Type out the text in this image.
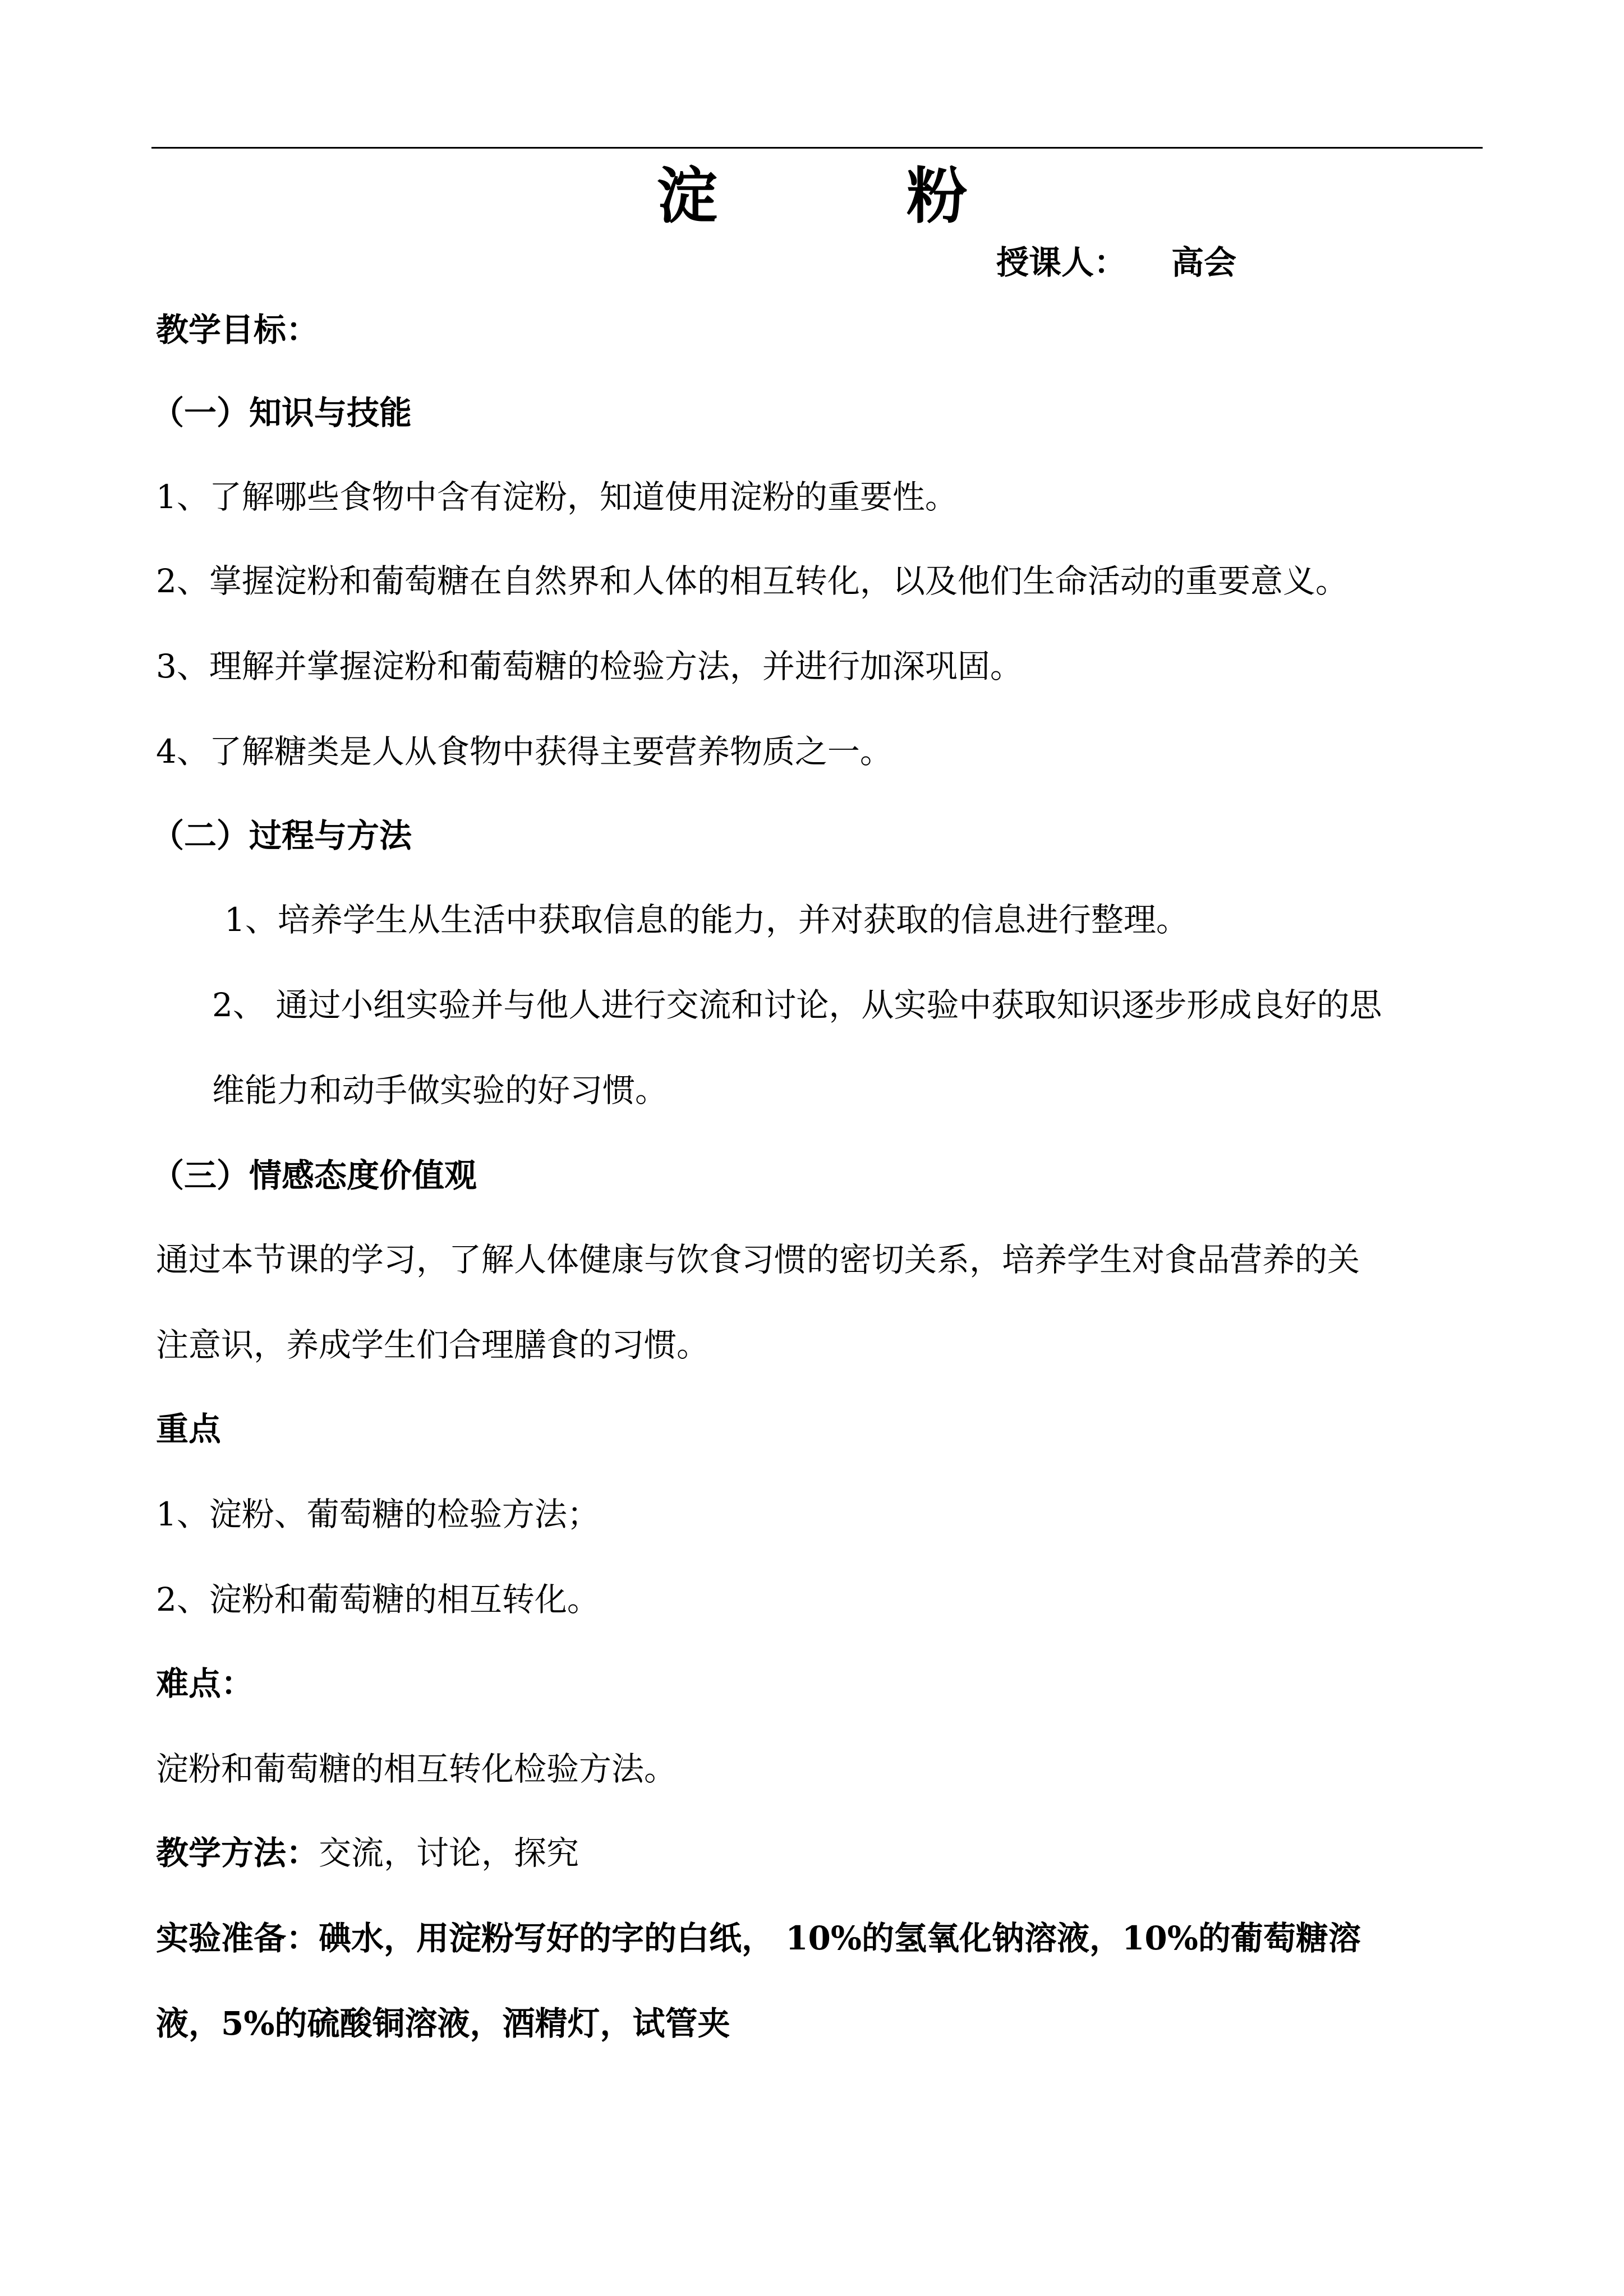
淀 粉
授课人： 高会
教学目标：
（一）知识与技能
1、了解哪些食物中含有淀粉，知道使用淀粉的重要性。
2、掌握淀粉和葡萄糖在自然界和人体的相互转化，以及他们生命活动的重要意义。
3、理解并掌握淀粉和葡萄糖的检验方法，并进行加深巩固。
4、了解糖类是人从食物中获得主要营养物质之一。
（二）过程与方法
1、培养学生从生活中获取信息的能力，并对获取的信息进行整理。
2、 通过小组实验并与他人进行交流和讨论，从实验中获取知识逐步形成良好的思
维能力和动手做实验的好习惯。
（三）情感态度价值观
通过本节课的学习，了解人体健康与饮食习惯的密切关系，培养学生对食品营养的关
注意识，养成学生们合理膳食的习惯。
重点
1、淀粉、葡萄糖的检验方法；
2、淀粉和葡萄糖的相互转化。
难点：
淀粉和葡萄糖的相互转化检验方法。
教学方法：交流，讨论，探究
实验准备：碘水，用淀粉写好的字的白纸， 10%的氢氧化钠溶液，10%的葡萄糖溶
液，5%的硫酸铜溶液，酒精灯，试管夹
